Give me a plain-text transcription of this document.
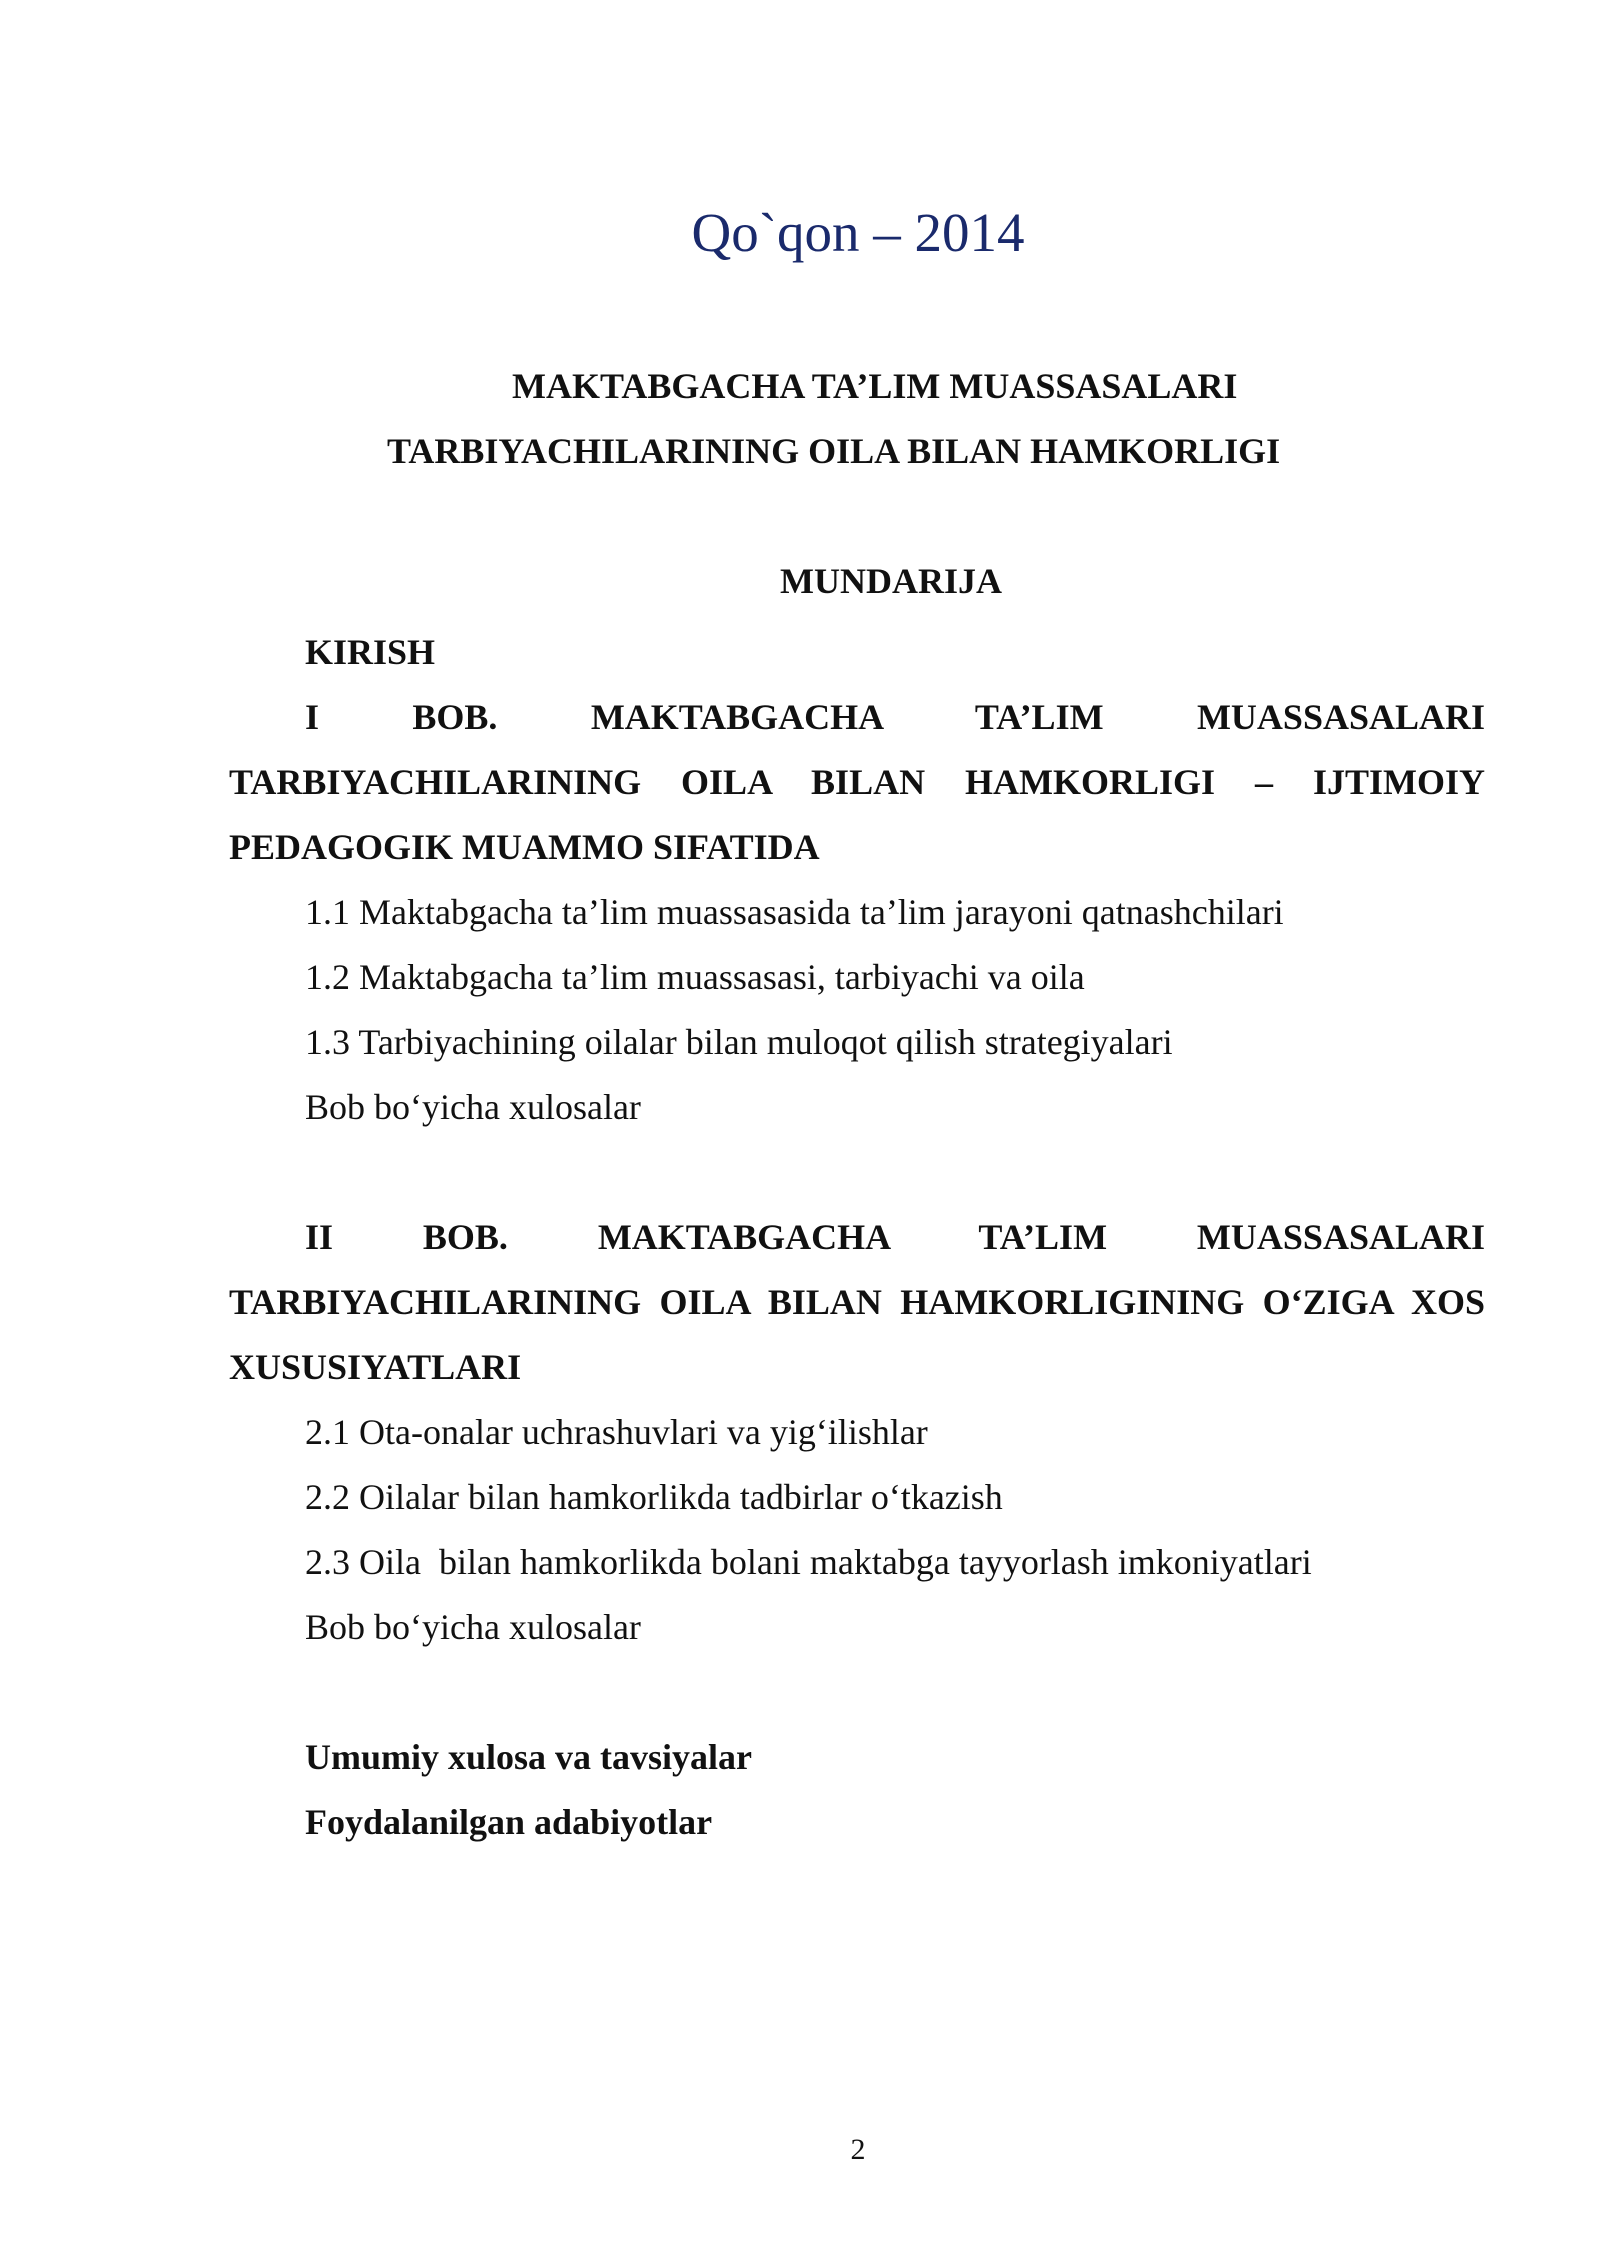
Qo`qon – 2014
MAKTABGACHA TA’LIM MUASSASALARI
TARBIYACHILARINING OILA BILAN HAMKORLIGI
MUNDARIJA
KIRISH
I BOB. MAKTABGACHA TA’LIM MUASSASALARI TARBIYACHILARINING OILA BILAN HAMKORLIGI – IJTIMOIY PEDAGOGIK MUAMMO SIFATIDA
1.1 Maktabgacha ta’lim muassasasida ta’lim jarayoni qatnashchilari
1.2 Maktabgacha ta’lim muassasasi, tarbiyachi va oila
1.3 Tarbiyachining oilalar bilan muloqot qilish strategiyalari
Bob bo‘yicha xulosalar
II BOB. MAKTABGACHA TA’LIM MUASSASALARI TARBIYACHILARINING OILA BILAN HAMKORLIGINING O‘ZIGA XOS XUSUSIYATLARI
2.1 Ota-onalar uchrashuvlari va yig‘ilishlar
2.2 Oilalar bilan hamkorlikda tadbirlar o‘tkazish
2.3 Oila  bilan hamkorlikda bolani maktabga tayyorlash imkoniyatlari
Bob bo‘yicha xulosalar
Umumiy xulosa va tavsiyalar
Foydalanilgan adabiyotlar
2
